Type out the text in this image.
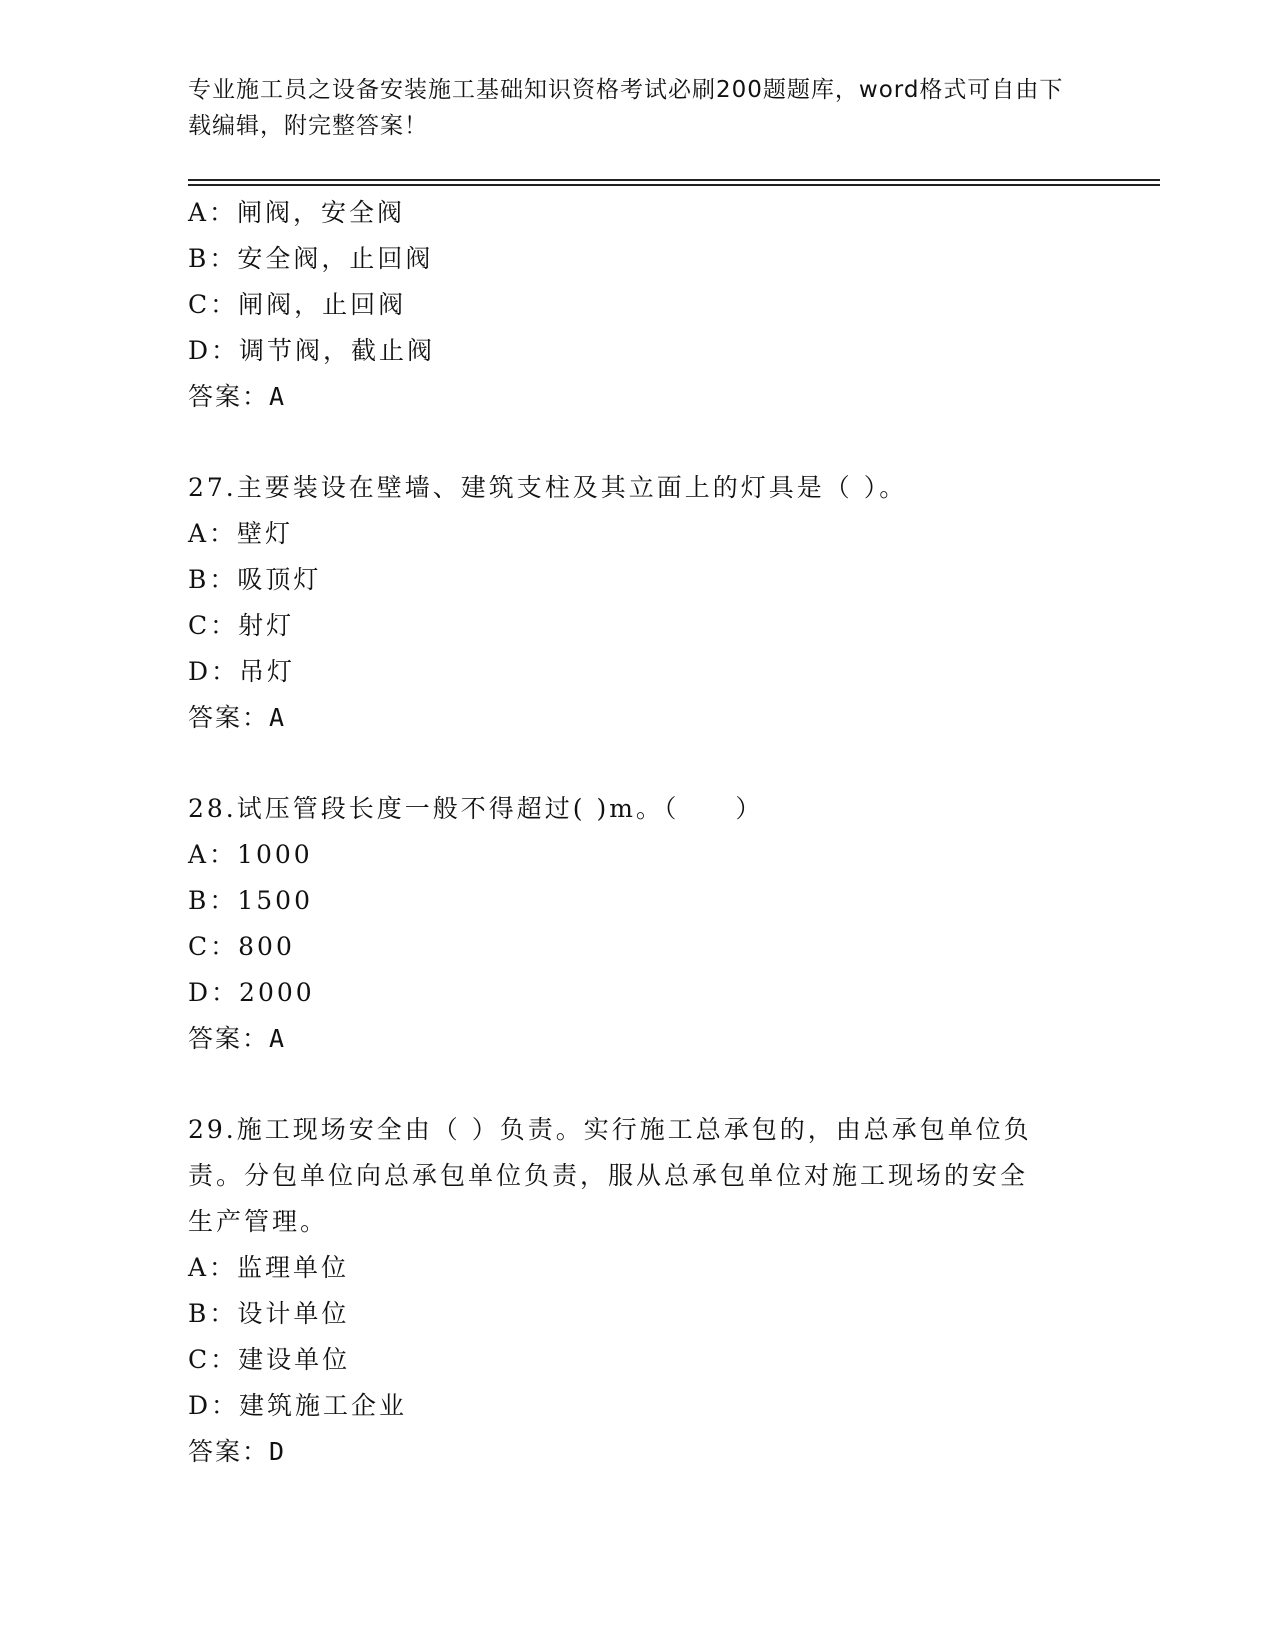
专业施工员之设备安装施工基础知识资格考试必刷200题题库，word格式可自由下载编辑，附完整答案！
A：闸阀，安全阀
B：安全阀，止回阀
C：闸阀，止回阀
D：调节阀，截止阀
答案：A
27.主要装设在壁墙、建筑支柱及其立面上的灯具是（ ）。
A：壁灯
B：吸顶灯
C：射灯
D：吊灯
答案：A
28.试压管段长度一般不得超过( )m。（　　）
A：1000
B：1500
C：800
D：2000
答案：A
29.施工现场安全由（ ）负责。实行施工总承包的，由总承包单位负
责。分包单位向总承包单位负责，服从总承包单位对施工现场的安全
生产管理。
A：监理单位
B：设计单位
C：建设单位
D：建筑施工企业
答案：D
